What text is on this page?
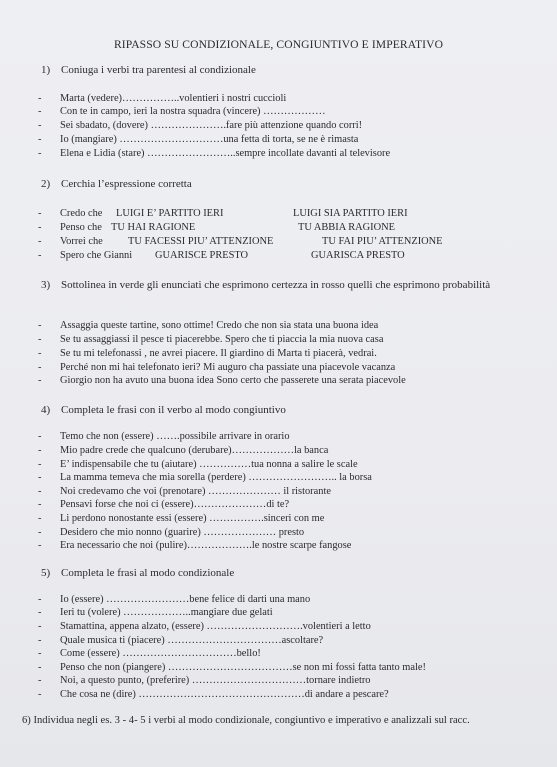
RIPASSO SU CONDIZIONALE, CONGIUNTIVO E IMPERATIVO
1) Coniuga i verbi tra parentesi al condizionale
- Marta (vedere)……………..volentieri i nostri cuccioli
- Con te in campo, ieri la nostra squadra (vincere) ………………
- Sei sbadato, (dovere) ………………….fare più attenzione quando corri!
- Io (mangiare) …………………………una fetta di torta, se ne è rimasta
- Elena e Lidia (stare) ……………………..sempre incollate davanti al televisore
2) Cerchia l’espressione corretta
- Credo che LUIGI E’ PARTITO IERI	LUIGI SIA PARTITO IERI
- Penso che TU HAI RAGIONE	TU ABBIA RAGIONE
- Vorrei che TU FACESSI PIU’ ATTENZIONE	TU FAI PIU’ ATTENZIONE
- Spero che Gianni GUARISCE PRESTO	GUARISCA PRESTO
3) Sottolinea in verde gli enunciati che esprimono certezza in rosso quelli che esprimono probabilità
- Assaggia queste tartine, sono ottime! Credo che non sia stata una buona idea
- Se tu assaggiassi il pesce ti piacerebbe. Spero che ti piaccia la mia nuova casa
- Se tu mi telefonassi , ne avrei piacere. Il giardino di Marta ti piacerà, vedrai.
- Perché non mi hai telefonato ieri? Mi auguro cha passiate una piacevole vacanza
- Giorgio non ha avuto una buona idea Sono certo che passerete una serata piacevole
4) Completa le frasi con il verbo al modo congiuntivo
- Temo che non (essere) …….possibile arrivare in orario
- Mio padre crede che qualcuno (derubare)………………la banca
- E’ indispensabile che tu (aiutare) ……………tua nonna a salire le scale
- La mamma temeva che mia sorella (perdere) …………………….. la borsa
- Noi credevamo che voi (prenotare) ………………… il ristorante
- Pensavi forse che noi ci (essere)…………………di te?
- Li perdono nonostante essi (essere) …………….sinceri con me
- Desidero che mio nonno (guarire) ………………… presto
- Era necessario che noi (pulire)……………….le nostre scarpe fangose
5) Completa le frasi al modo condizionale
- Io (essere) ……………………bene felice di darti una mano
- Ieri tu (volere) ………………..mangiare due gelati
- Stamattina, appena alzato, (essere) ……………………….volentieri a letto
- Quale musica ti (piacere) ……………………………ascoltare?
- Come (essere) ……………………………bello!
- Penso che non (piangere) ………………………………se non mi fossi fatta tanto male!
- Noi, a questo punto, (preferire) ……………………………tornare indietro
- Che cosa ne (dire) …………………………………………di andare a pescare?
6) Individua negli es. 3 - 4- 5 i verbi al modo condizionale, congiuntivo e imperativo e analizzali sul racc.
